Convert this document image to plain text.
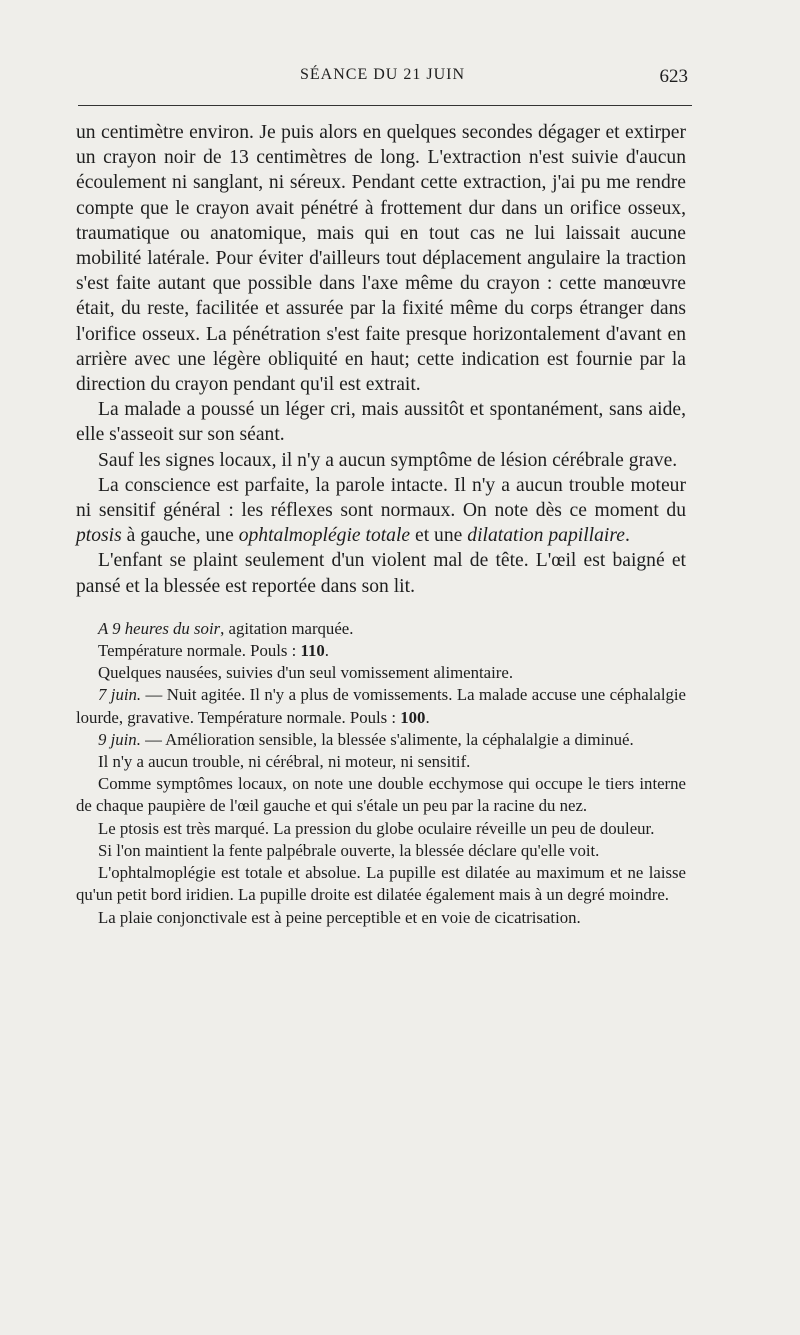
SÉANCE DU 21 JUIN	623

un centimètre environ. Je puis alors en quelques secondes dégager et extirper un crayon noir de 13 centimètres de long. L'extraction n'est suivie d'aucun écoulement ni sanglant, ni séreux. Pendant cette extraction, j'ai pu me rendre compte que le crayon avait pénétré à frottement dur dans un orifice osseux, traumatique ou anatomique, mais qui en tout cas ne lui laissait aucune mobilité latérale. Pour éviter d'ailleurs tout déplacement angulaire la traction s'est faite autant que possible dans l'axe même du crayon : cette manœuvre était, du reste, facilitée et assurée par la fixité même du corps étranger dans l'orifice osseux. La pénétration s'est faite presque horizontalement d'avant en arrière avec une légère obliquité en haut; cette indication est fournie par la direction du crayon pendant qu'il est extrait.

La malade a poussé un léger cri, mais aussitôt et spontanément, sans aide, elle s'asseoit sur son séant.

Sauf les signes locaux, il n'y a aucun symptôme de lésion cérébrale grave.

La conscience est parfaite, la parole intacte. Il n'y a aucun trouble moteur ni sensitif général : les réflexes sont normaux. On note dès ce moment du ptosis à gauche, une ophtalmoplégie totale et une dilatation papillaire.

L'enfant se plaint seulement d'un violent mal de tête. L'œil est baigné et pansé et la blessée est reportée dans son lit.

A 9 heures du soir, agitation marquée.

Température normale. Pouls : 110.

Quelques nausées, suivies d'un seul vomissement alimentaire.

7 juin. — Nuit agitée. Il n'y a plus de vomissements. La malade accuse une céphalalgie lourde, gravative. Température normale. Pouls : 100.

9 juin. — Amélioration sensible, la blessée s'alimente, la céphalalgie a diminué.

Il n'y a aucun trouble, ni cérébral, ni moteur, ni sensitif.

Comme symptômes locaux, on note une double ecchymose qui occupe le tiers interne de chaque paupière de l'œil gauche et qui s'étale un peu par la racine du nez.

Le ptosis est très marqué. La pression du globe oculaire réveille un peu de douleur.

Si l'on maintient la fente palpébrale ouverte, la blessée déclare qu'elle voit.

L'ophtalmoplégie est totale et absolue. La pupille est dilatée au maximum et ne laisse qu'un petit bord iridien. La pupille droite est dilatée également mais à un degré moindre.

La plaie conjonctivale est à peine perceptible et en voie de cicatrisation.
